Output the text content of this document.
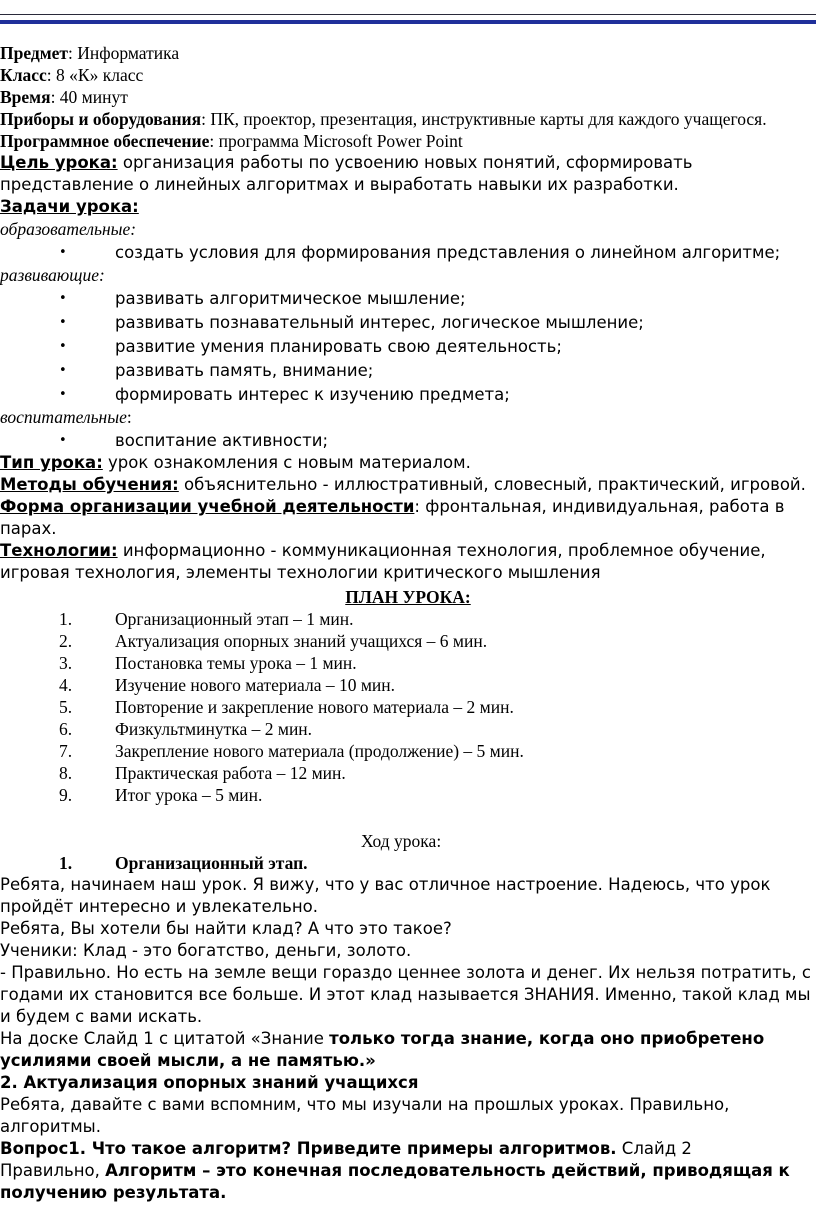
Предмет: Информатика

Класс: 8 «К» класс

Время: 40 минут

Приборы и оборудования: ПК, проектор, презентация, инструктивные карты для каждого учащегося.

Программное обеспечение: программа Microsoft Power Point

Цель урока: организация работы по усвоению новых понятий, сформировать представление о линейных алгоритмах и выработать навыки их разработки.

Задачи урока:

образовательные:

•	создать условия для формирования представления о линейном алгоритме;

развивающие:

•	развивать алгоритмическое мышление;

•	развивать познавательный интерес, логическое мышление;

•	развитие умения планировать свою деятельность;

•	развивать память, внимание;

•	формировать интерес к изучению предмета;

воспитательные:

•	воспитание активности;

Тип урока: урок ознакомления с новым материалом.

Методы обучения: объяснительно - иллюстративный, словесный, практический, игровой.

Форма организации учебной деятельности: фронтальная, индивидуальная, работа в парах.

Технологии: информационно - коммуникационная технология, проблемное обучение, игровая технология, элементы технологии критического мышления

ПЛАН УРОКА:

1. Организационный этап – 1 мин.

2. Актуализация опорных знаний учащихся – 6 мин.

3. Постановка темы урока – 1 мин.

4. Изучение нового материала – 10 мин.

5. Повторение и закрепление нового материала – 2 мин.

6. Физкультминутка – 2 мин.

7. Закрепление нового материала (продолжение) – 5 мин.

8. Практическая работа – 12 мин.

9. Итог урока – 5 мин.

Ход урока:

1. Организационный этап.

Ребята, начинаем наш урок. Я вижу, что у вас отличное настроение. Надеюсь, что урок пройдёт интересно и увлекательно.

Ребята, Вы хотели бы найти клад? А что это такое?

Ученики: Клад - это богатство, деньги, золото.

- Правильно. Но есть на земле вещи гораздо ценнее золота и денег. Их нельзя потратить, с годами их становится все больше. И этот клад называется ЗНАНИЯ. Именно, такой клад мы и будем с вами искать.

На доске Слайд 1 с цитатой «Знание только тогда знание, когда оно приобретено усилиями своей мысли, а не памятью.»

2. Актуализация опорных знаний учащихся

Ребята, давайте с вами вспомним, что мы изучали на прошлых уроках. Правильно, алгоритмы.

Вопрос1. Что такое алгоритм? Приведите примеры алгоритмов. Слайд 2

Правильно, Алгоритм – это конечная последовательность действий, приводящая к получению результата.
